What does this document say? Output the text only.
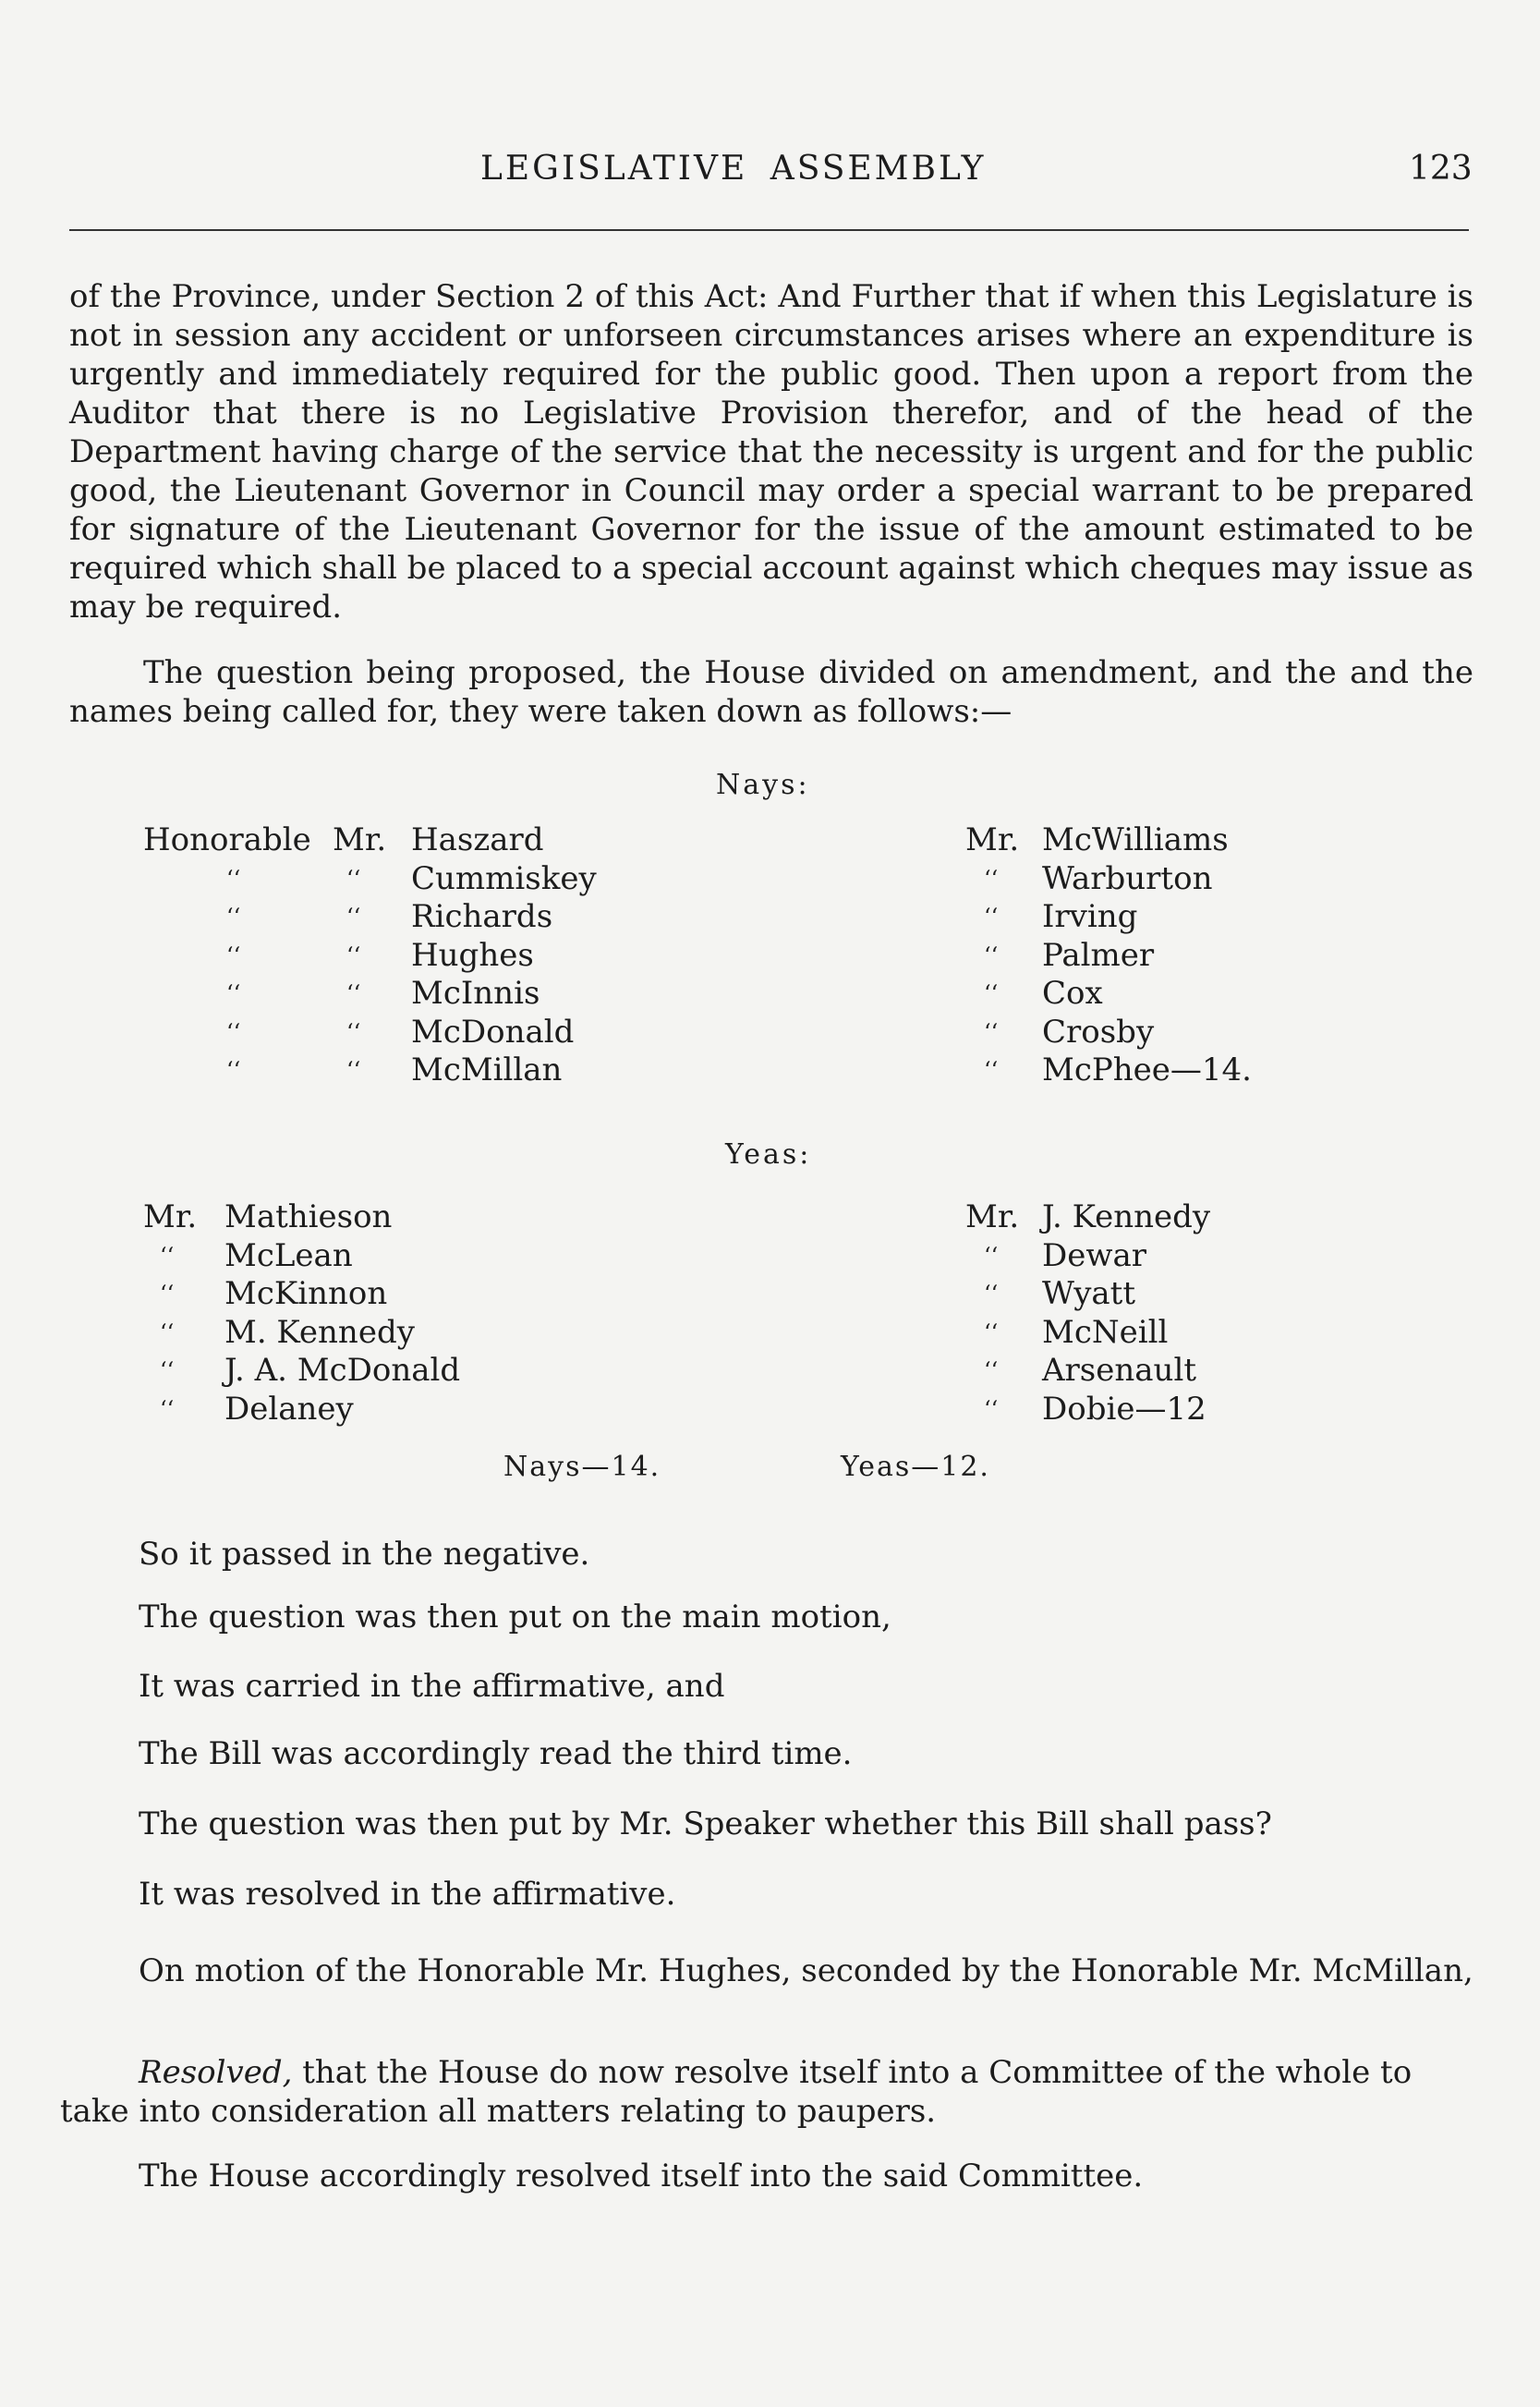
LEGISLATIVE ASSEMBLY	123
of the Province, under Section 2 of this Act: And Further that if when this Legislature is not in session any accident or unforseen circumstances arises where an expenditure is urgently and immediately required for the public good. Then upon a report from the Auditor that there is no Legislative Provision therefor, and of the head of the Department having charge of the service that the necessity is urgent and for the public good, the Lieutenant Governor in Council may order a special warrant to be prepared for signature of the Lieutenant Governor for the issue of the amount estimated to be required which shall be placed to a special account against which cheques may issue as may be required.
The question being proposed, the House divided on amendment, and the and the names being called for, they were taken down as follows:—
Nays:
Honorable Mr. Haszard
‘‘	‘‘ Cummiskey
‘‘	‘‘ Richards
‘‘	‘‘ Hughes
‘‘	‘‘ McInnis
‘‘	‘‘ McDonald
‘‘	‘‘ McMillan
Mr. McWilliams
‘‘ Warburton
‘‘ Irving
‘‘ Palmer
‘‘ Cox
‘‘ Crosby
‘‘ McPhee—14.
Yeas:
Mr. Mathieson
‘‘ McLean
‘‘ McKinnon
‘‘ M. Kennedy
‘‘ J. A. McDonald
‘‘ Delaney
Mr. J. Kennedy
‘‘ Dewar
‘‘ Wyatt
‘‘ McNeill
‘‘ Arsenault
‘‘ Dobie—12
Nays—14.	Yeas—12.
So it passed in the negative.
The question was then put on the main motion,
It was carried in the affirmative, and
The Bill was accordingly read the third time.
The question was then put by Mr. Speaker whether this Bill shall pass?
It was resolved in the affirmative.
On motion of the Honorable Mr. Hughes, seconded by the Honorable Mr. McMillan,
Resolved, that the House do now resolve itself into a Committee of the whole to take into consideration all matters relating to paupers.
The House accordingly resolved itself into the said Committee.
